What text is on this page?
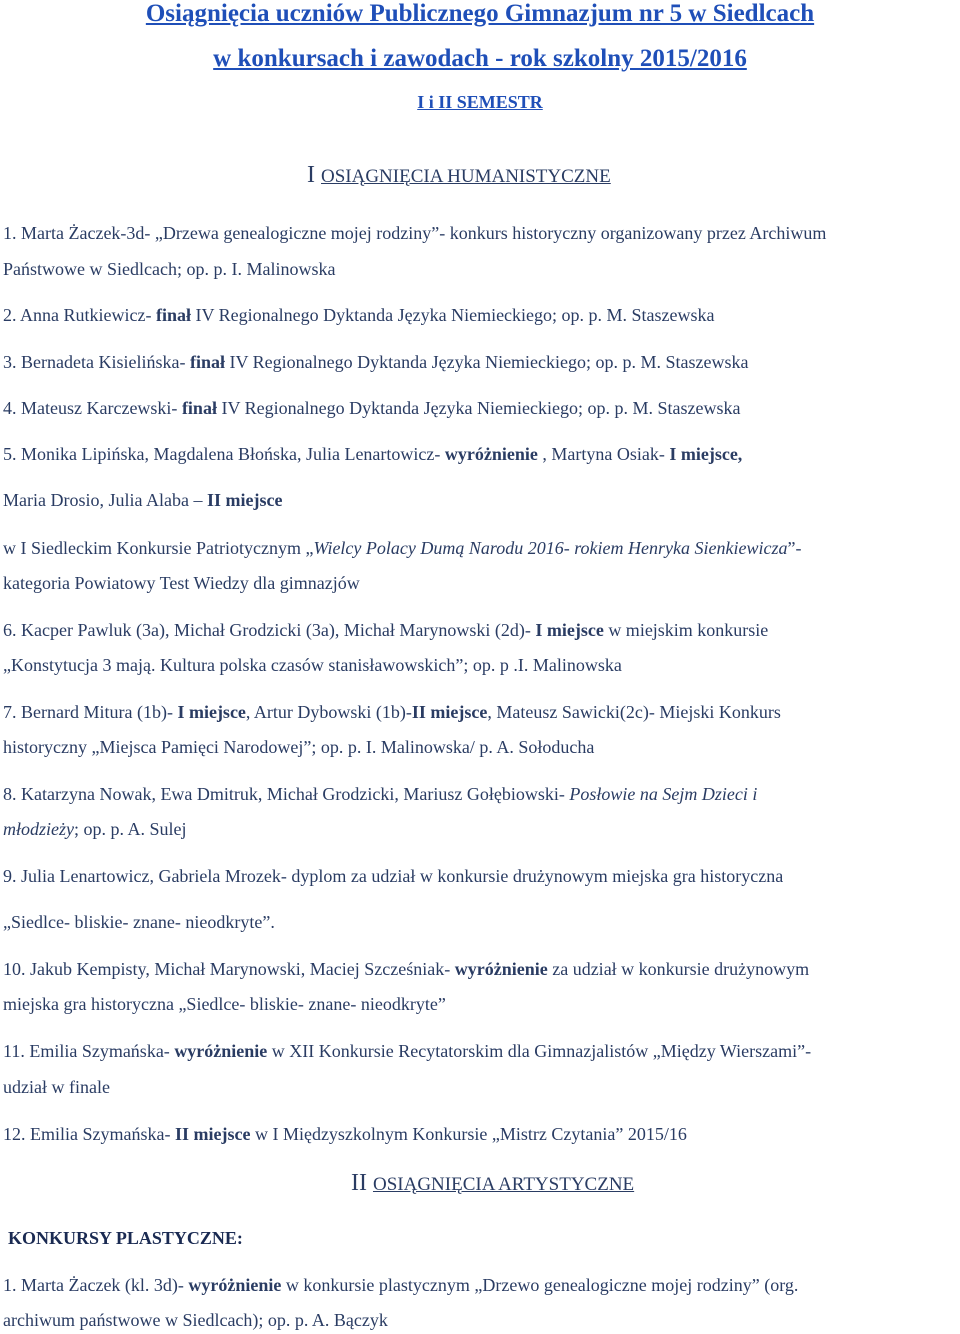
Osiągnięcia uczniów Publicznego Gimnazjum nr 5 w Siedlcach
w konkursach i zawodach - rok szkolny 2015/2016
I i II SEMESTR
I OSIĄGNIĘCIA HUMANISTYCZNE
1. Marta Żaczek-3d- „Drzewa genealogiczne mojej rodziny”- konkurs historyczny organizowany przez Archiwum
Państwowe w Siedlcach; op. p. I. Malinowska
2. Anna Rutkiewicz- finał IV Regionalnego Dyktanda Języka Niemieckiego; op. p. M. Staszewska
3. Bernadeta Kisielińska- finał IV Regionalnego Dyktanda Języka Niemieckiego; op. p. M. Staszewska
4. Mateusz Karczewski- finał IV Regionalnego Dyktanda Języka Niemieckiego; op. p. M. Staszewska
5. Monika Lipińska, Magdalena Błońska, Julia Lenartowicz- wyróżnienie , Martyna Osiak- I miejsce,
Maria Drosio, Julia Alaba – II miejsce
w I Siedleckim Konkursie Patriotycznym „Wielcy Polacy Dumą Narodu 2016- rokiem Henryka Sienkiewicza”-
kategoria Powiatowy Test Wiedzy dla gimnazjów
6. Kacper Pawluk (3a), Michał Grodzicki (3a), Michał Marynowski (2d)- I miejsce w miejskim konkursie
„Konstytucja 3 mają. Kultura polska czasów stanisławowskich”; op. p .I. Malinowska
7. Bernard Mitura (1b)- I miejsce, Artur Dybowski (1b)-II miejsce, Mateusz Sawicki(2c)- Miejski Konkurs
historyczny „Miejsca Pamięci Narodowej”; op. p. I. Malinowska/ p. A. Sołoducha
8. Katarzyna Nowak, Ewa Dmitruk, Michał Grodzicki, Mariusz Gołębiowski- Posłowie na Sejm Dzieci i
młodzieży; op. p. A. Sulej
9. Julia Lenartowicz, Gabriela Mrozek- dyplom za udział w konkursie drużynowym miejska gra historyczna
„Siedlce- bliskie- znane- nieodkryte”.
10. Jakub Kempisty, Michał Marynowski, Maciej Szcześniak- wyróżnienie za udział w konkursie drużynowym
miejska gra historyczna „Siedlce- bliskie- znane- nieodkryte”
11. Emilia Szymańska- wyróżnienie w XII Konkursie Recytatorskim dla Gimnazjalistów „Między Wierszami”-
udział w finale
12. Emilia Szymańska- II miejsce w I Międzyszkolnym Konkursie „Mistrz Czytania” 2015/16
II OSIĄGNIĘCIA ARTYSTYCZNE
KONKURSY PLASTYCZNE:
1. Marta Żaczek (kl. 3d)- wyróżnienie w konkursie plastycznym „Drzewo genealogiczne mojej rodziny” (org.
archiwum państwowe w Siedlcach); op. p. A. Bączyk
